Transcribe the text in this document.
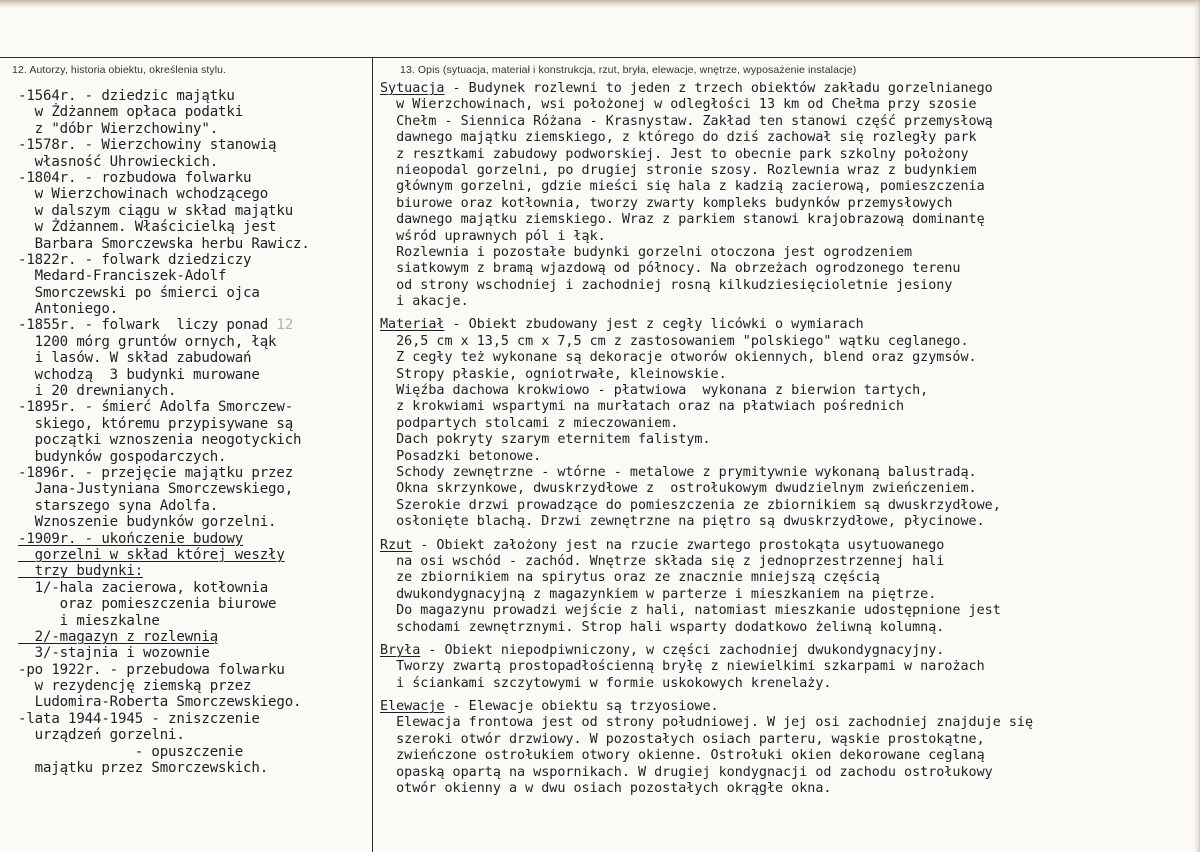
12. Autorzy, historia obiektu, określenia stylu.	13. Opis (sytuacja, materiał i konstrukcja, rzut, bryła, elewacje, wnętrze, wyposażenie instalacje)
-1564r. - dziedzic majątku
w Żdżannem opłaca podatki
z "dóbr Wierzchowiny".
-1578r. - Wierzchowiny stanowią
własność Uhrowieckich.
-1804r. - rozbudowa folwarku
w Wierzchowinach wchodzącego
w dalszym ciągu w skład majątku
w Żdżannem. Właścicielką jest
Barbara Smorczewska herbu Rawicz.
-1822r. - folwark dziedziczy
Medard-Franciszek-Adolf
Smorczewski po śmierci ojca
Antoniego.
-1855r. - folwark  liczy ponad 12
1200 mórg gruntów ornych, łąk
i lasów. W skład zabudowań
wchodzą  3 budynki murowane
i 20 drewnianych.
-1895r. - śmierć Adolfa Smorczew-
skiego, któremu przypisywane są
początki wznoszenia neogotyckich
budynków gospodarczych.
-1896r. - przejęcie majątku przez
Jana-Justyniana Smorczewskiego,
starszego syna Adolfa.
Wznoszenie budynków gorzelni.
-1909r. - ukończenie budowy
gorzelni w skład której weszły
trzy budynki:
1/-hala zacierowa, kotłownia
oraz pomieszczenia biurowe
i mieszkalne
2/-magazyn z rozlewnią
3/-stajnia i wozownie
-po 1922r. - przebudowa folwarku
w rezydencję ziemską przez
Ludomira-Roberta Smorczewskiego.
-lata 1944-1945 - zniszczenie
urządzeń gorzelni.
- opuszczenie
majątku przez Smorczewskich.
Sytuacja - Budynek rozlewni to jeden z trzech obiektów zakładu gorzelnianego
w Wierzchowinach, wsi położonej w odległości 13 km od Chełma przy szosie
Chełm - Siennica Różana - Krasnystaw. Zakład ten stanowi część przemysłową
dawnego majątku ziemskiego, z którego do dziś zachował się rozległy park
z resztkami zabudowy podworskiej. Jest to obecnie park szkolny położony
nieopodal gorzelni, po drugiej stronie szosy. Rozlewnia wraz z budynkiem
głównym gorzelni, gdzie mieści się hala z kadzią zacierową, pomieszczenia
biurowe oraz kotłownia, tworzy zwarty kompleks budynków przemysłowych
dawnego majątku ziemskiego. Wraz z parkiem stanowi krajobrazową dominantę
wśród uprawnych pól i łąk.
Rozlewnia i pozostałe budynki gorzelni otoczona jest ogrodzeniem
siatkowym z bramą wjazdową od północy. Na obrzeżach ogrodzonego terenu
od strony wschodniej i zachodniej rosną kilkudziesięcioletnie jesiony
i akacje.
Materiał - Obiekt zbudowany jest z cegły licówki o wymiarach
26,5 cm x 13,5 cm x 7,5 cm z zastosowaniem "polskiego" wątku ceglanego.
Z cegły też wykonane są dekoracje otworów okiennych, blend oraz gzymsów.
Stropy płaskie, ogniotrwałe, kleinowskie.
Więźba dachowa krokwiowo - płatwiowa  wykonana z bierwion tartych,
z krokwiami wspartymi na murłatach oraz na płatwiach pośrednich
podpartych stolcami z mieczowaniem.
Dach pokryty szarym eternitem falistym.
Posadzki betonowe.
Schody zewnętrzne - wtórne - metalowe z prymitywnie wykonaną balustradą.
Okna skrzynkowe, dwuskrzydłowe z  ostrołukowym dwudzielnym zwieńczeniem.
Szerokie drzwi prowadzące do pomieszczenia ze zbiornikiem są dwuskrzydłowe,
osłonięte blachą. Drzwi zewnętrzne na piętro są dwuskrzydłowe, płycinowe.
Rzut - Obiekt założony jest na rzucie zwartego prostokąta usytuowanego
na osi wschód - zachód. Wnętrze składa się z jednoprzestrzennej hali
ze zbiornikiem na spirytus oraz ze znacznie mniejszą częścią
dwukondygnacyjną z magazynkiem w parterze i mieszkaniem na piętrze.
Do magazynu prowadzi wejście z hali, natomiast mieszkanie udostępnione jest
schodami zewnętrznymi. Strop hali wsparty dodatkowo żeliwną kolumną.
Bryła - Obiekt niepodpiwniczony, w części zachodniej dwukondygnacyjny.
Tworzy zwartą prostopadłościenną bryłę z niewielkimi szkarpami w narożach
i ściankami szczytowymi w formie uskokowych krenelaży.
Elewacje - Elewacje obiektu są trzyosiowe.
Elewacja frontowa jest od strony południowej. W jej osi zachodniej znajduje się
szeroki otwór drzwiowy. W pozostałych osiach parteru, wąskie prostokątne,
zwieńczone ostrołukiem otwory okienne. Ostrołuki okien dekorowane ceglaną
opaską opartą na wspornikach. W drugiej kondygnacji od zachodu ostrołukowy
otwór okienny a w dwu osiach pozostałych okrągłe okna.
